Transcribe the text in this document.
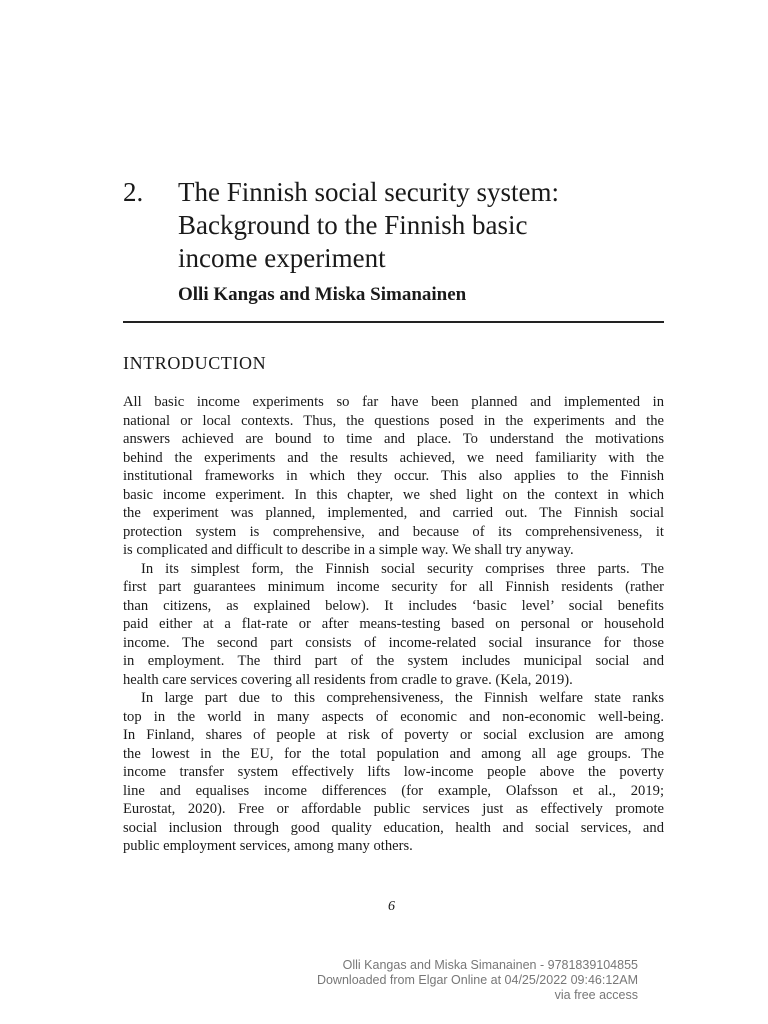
2. The Finnish social security system:
Background to the Finnish basic
income experiment
Olli Kangas and Miska Simanainen
INTRODUCTION

All basic income experiments so far have been planned and implemented in
national or local contexts. Thus, the questions posed in the experiments and the
answers achieved are bound to time and place. To understand the motivations
behind the experiments and the results achieved, we need familiarity with the
institutional frameworks in which they occur. This also applies to the Finnish
basic income experiment. In this chapter, we shed light on the context in which
the experiment was planned, implemented, and carried out. The Finnish social
protection system is comprehensive, and because of its comprehensiveness, it
is complicated and difficult to describe in a simple way. We shall try anyway.

In its simplest form, the Finnish social security comprises three parts. The
first part guarantees minimum income security for all Finnish residents (rather
than citizens, as explained below). It includes ‘basic level’ social benefits
paid either at a flat-rate or after means-testing based on personal or household
income. The second part consists of income-related social insurance for those
in employment. The third part of the system includes municipal social and
health care services covering all residents from cradle to grave. (Kela, 2019).

In large part due to this comprehensiveness, the Finnish welfare state ranks
top in the world in many aspects of economic and non-economic well-being.
In Finland, shares of people at risk of poverty or social exclusion are among
the lowest in the EU, for the total population and among all age groups. The
income transfer system effectively lifts low-income people above the poverty
line and equalises income differences (for example, Olafsson et al., 2019;
Eurostat, 2020). Free or affordable public services just as effectively promote
social inclusion through good quality education, health and social services, and
public employment services, among many others.

6
Olli Kangas and Miska Simanainen - 9781839104855
Downloaded from Elgar Online at 04/25/2022 09:46:12AM
via free access
